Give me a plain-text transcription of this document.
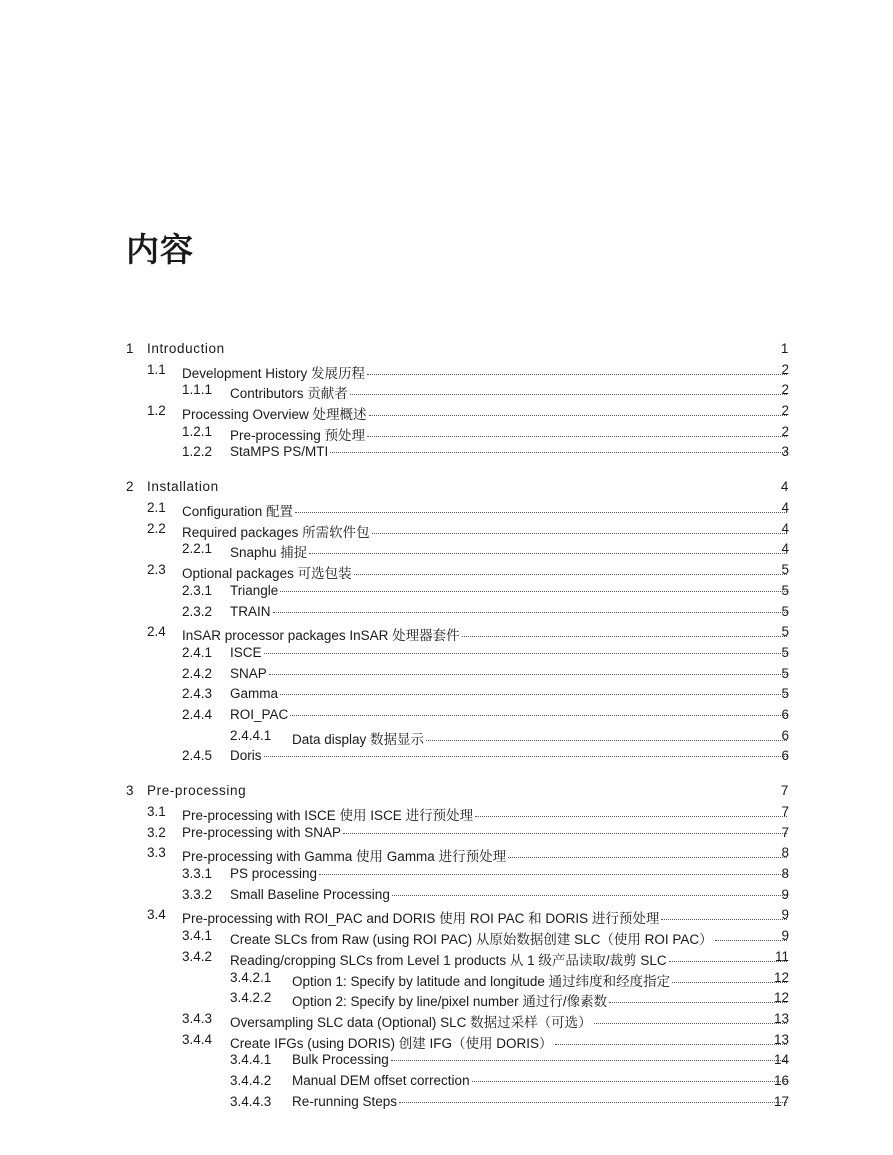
内容
1 Introduction	1
1.1 Development History 发展历程	2
1.1.1 Contributors 贡献者	2
1.2 Processing Overview 处理概述	2
1.2.1 Pre-processing 预处理	2
1.2.2 StaMPS PS/MTI	3
2 Installation	4
2.1 Configuration 配置	4
2.2 Required packages 所需软件包	4
2.2.1 Snaphu 捕捉	4
2.3 Optional packages 可选包装	5
2.3.1 Triangle	5
2.3.2 TRAIN	5
2.4 InSAR processor packages InSAR 处理器套件	5
2.4.1 ISCE	5
2.4.2 SNAP	5
2.4.3 Gamma	5
2.4.4 ROI_PAC	6
2.4.4.1 Data display 数据显示	6
2.4.5 Doris	6
3 Pre-processing	7
3.1 Pre-processing with ISCE 使用 ISCE 进行预处理	7
3.2 Pre-processing with SNAP	7
3.3 Pre-processing with Gamma 使用 Gamma 进行预处理	8
3.3.1 PS processing	8
3.3.2 Small Baseline Processing	9
3.4 Pre-processing with ROI_PAC and DORIS 使用 ROI PAC 和 DORIS 进行预处理	9
3.4.1 Create SLCs from Raw (using ROI PAC) 从原始数据创建 SLC（使用 ROI PAC）	9
3.4.2 Reading/cropping SLCs from Level 1 products 从 1 级产品读取/裁剪 SLC	11
3.4.2.1 Option 1: Specify by latitude and longitude 通过纬度和经度指定	12
3.4.2.2 Option 2: Specify by line/pixel number 通过行/像素数	12
3.4.3 Oversampling SLC data (Optional) SLC 数据过采样（可选）	13
3.4.4 Create IFGs (using DORIS) 创建 IFG（使用 DORIS）	13
3.4.4.1 Bulk Processing	14
3.4.4.2 Manual DEM offset correction	16
3.4.4.3 Re-running Steps	17
